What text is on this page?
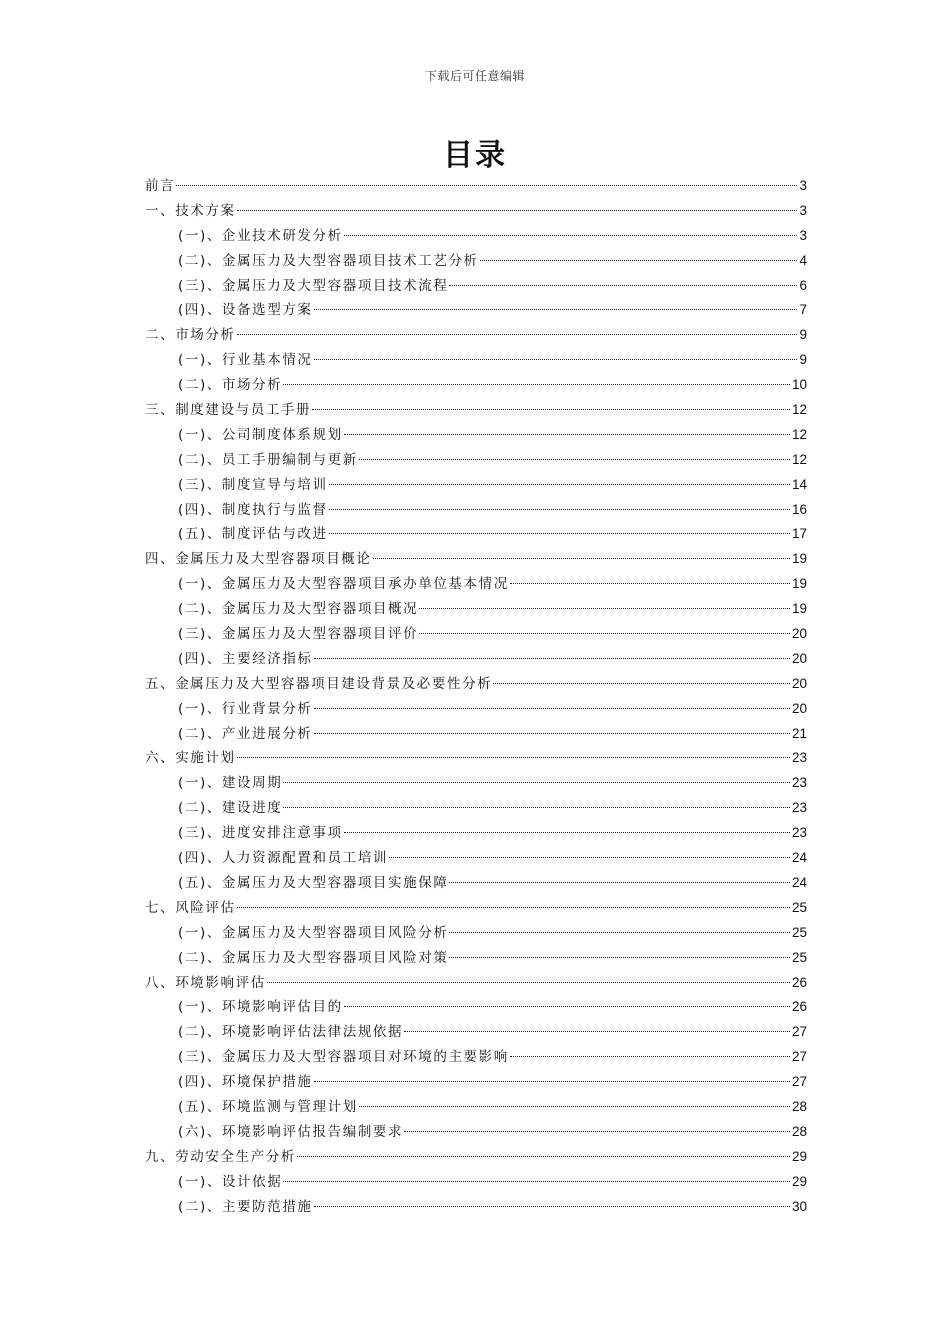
下载后可任意编辑
目录
前言	3
一、技术方案	3
(一)、企业技术研发分析	3
(二)、金属压力及大型容器项目技术工艺分析	4
(三)、金属压力及大型容器项目技术流程	6
(四)、设备选型方案	7
二、市场分析	9
(一)、行业基本情况	9
(二)、市场分析	10
三、制度建设与员工手册	12
(一)、公司制度体系规划	12
(二)、员工手册编制与更新	12
(三)、制度宣导与培训	14
(四)、制度执行与监督	16
(五)、制度评估与改进	17
四、金属压力及大型容器项目概论	19
(一)、金属压力及大型容器项目承办单位基本情况	19
(二)、金属压力及大型容器项目概况	19
(三)、金属压力及大型容器项目评价	20
(四)、主要经济指标	20
五、金属压力及大型容器项目建设背景及必要性分析	20
(一)、行业背景分析	20
(二)、产业进展分析	21
六、实施计划	23
(一)、建设周期	23
(二)、建设进度	23
(三)、进度安排注意事项	23
(四)、人力资源配置和员工培训	24
(五)、金属压力及大型容器项目实施保障	24
七、风险评估	25
(一)、金属压力及大型容器项目风险分析	25
(二)、金属压力及大型容器项目风险对策	25
八、环境影响评估	26
(一)、环境影响评估目的	26
(二)、环境影响评估法律法规依据	27
(三)、金属压力及大型容器项目对环境的主要影响	27
(四)、环境保护措施	27
(五)、环境监测与管理计划	28
(六)、环境影响评估报告编制要求	28
九、劳动安全生产分析	29
(一)、设计依据	29
(二)、主要防范措施	30
